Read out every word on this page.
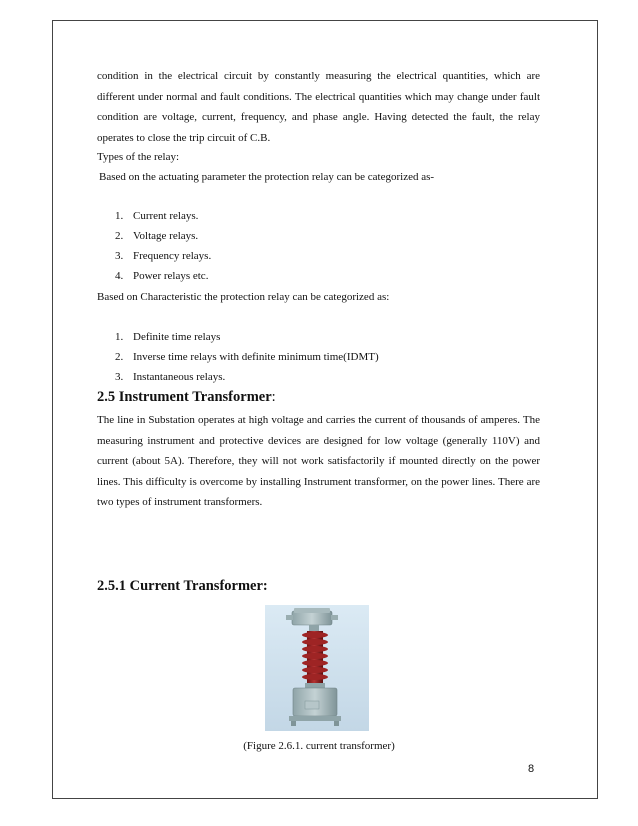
condition in the electrical circuit by constantly measuring the electrical quantities, which are different under normal and fault conditions. The electrical quantities which may change under fault condition are voltage, current, frequency, and phase angle. Having detected the fault, the relay operates to close the trip circuit of C.B.

Types of the relay:

Based on the actuating parameter the protection relay can be categorized as-

1. Current relays.
2. Voltage relays.
3. Frequency relays.
4. Power relays etc.

Based on Characteristic the protection relay can be categorized as:

1. Definite time relays
2. Inverse time relays with definite minimum time(IDMT)
3. Instantaneous relays.

2.5 Instrument Transformer:

The line in Substation operates at high voltage and carries the current of thousands of amperes. The measuring instrument and protective devices are designed for low voltage (generally 110V) and current (about 5A). Therefore, they will not work satisfactorily if mounted directly on the power lines. This difficulty is overcome by installing Instrument transformer, on the power lines. There are two types of instrument transformers.

2.5.1 Current Transformer:

(Figure 2.6.1. current transformer)

8
